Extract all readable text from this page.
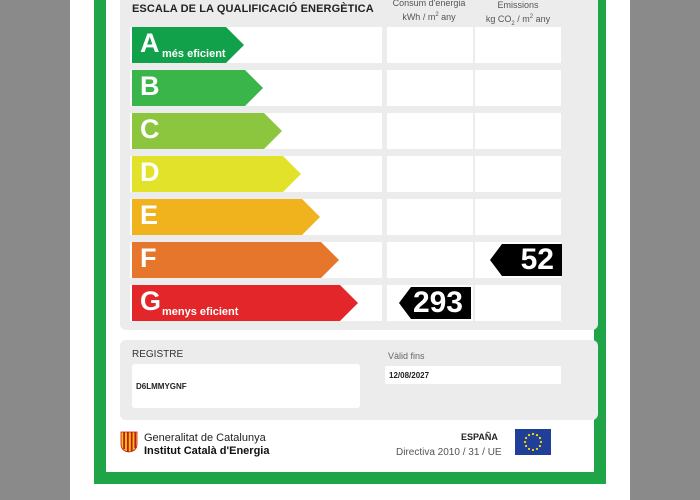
ESCALA DE LA QUALIFICACIÓ ENERGÈTICA	Consum d'energia
kWh / $m^2$ any
Emissions
kg $CO_2 / m^2$ any
A més eficient
B
C
D
E
F
G menys eficient	293
52
REGISTRE
D6LMMYGNF
Vàlid fins
12/08/2027
Generalitat de Catalunya
Institut Català d'Energia
ESPAÑA
Directiva 2010 / 31 / UE
